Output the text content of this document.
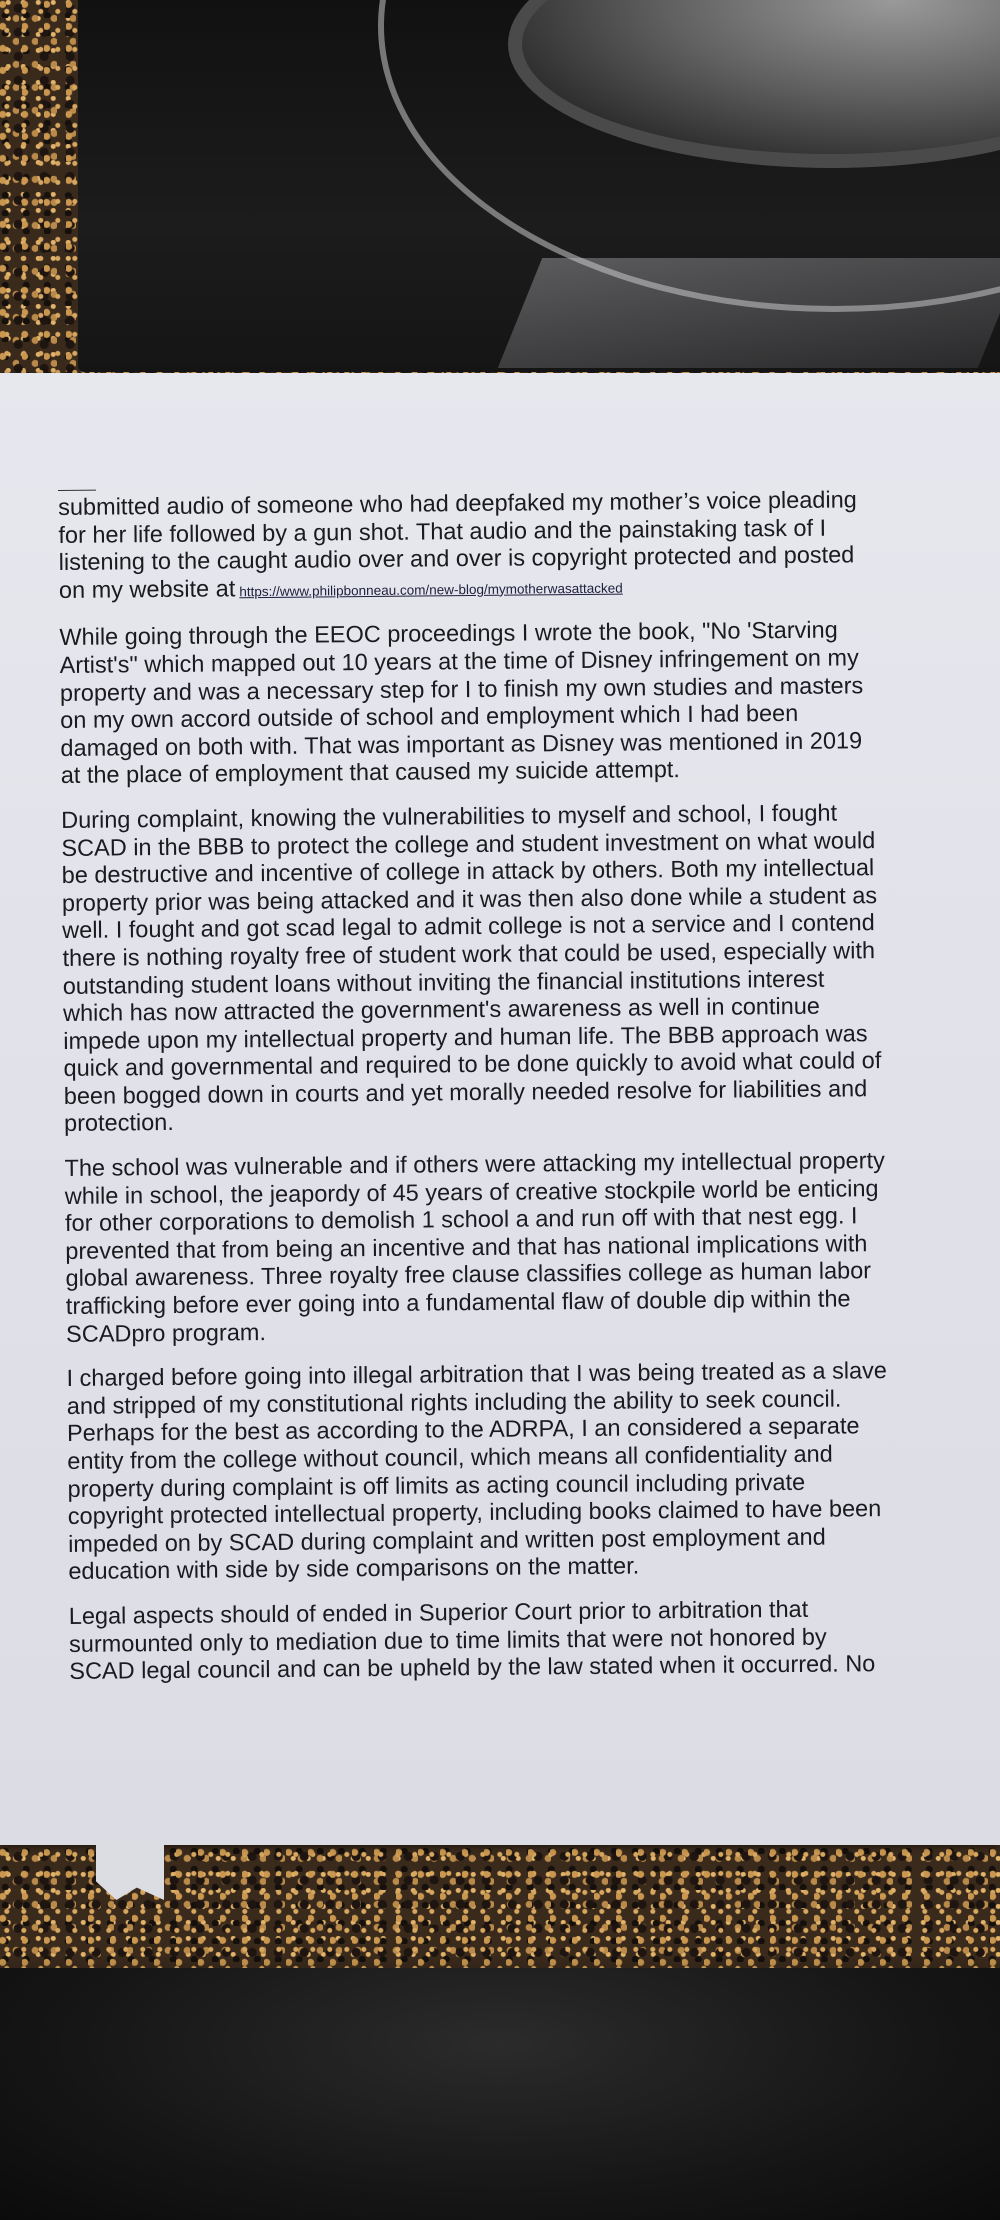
submitted audio of someone who had deepfaked my mother’s voice pleading
for her life followed by a gun shot. That audio and the painstaking task of I
listening to the caught audio over and over is copyright protected and posted
on my website at https://www.philipbonneau.com/new-blog/mymotherwasattacked

While going through the EEOC proceedings I wrote the book, "No 'Starving
Artist's" which mapped out 10 years at the time of Disney infringement on my
property and was a necessary step for I to finish my own studies and masters
on my own accord outside of school and employment which I had been
damaged on both with. That was important as Disney was mentioned in 2019
at the place of employment that caused my suicide attempt.

During complaint, knowing the vulnerabilities to myself and school, I fought
SCAD in the BBB to protect the college and student investment on what would
be destructive and incentive of college in attack by others. Both my intellectual
property prior was being attacked and it was then also done while a student as
well. I fought and got scad legal to admit college is not a service and I contend
there is nothing royalty free of student work that could be used, especially with
outstanding student loans without inviting the financial institutions interest
which has now attracted the government's awareness as well in continue
impede upon my intellectual property and human life. The BBB approach was
quick and governmental and required to be done quickly to avoid what could of
been bogged down in courts and yet morally needed resolve for liabilities and
protection.

The school was vulnerable and if others were attacking my intellectual property
while in school, the jeapordy of 45 years of creative stockpile world be enticing
for other corporations to demolish 1 school a and run off with that nest egg. I
prevented that from being an incentive and that has national implications with
global awareness. Three royalty free clause classifies college as human labor
trafficking before ever going into a fundamental flaw of double dip within the
SCADpro program.

I charged before going into illegal arbitration that I was being treated as a slave
and stripped of my constitutional rights including the ability to seek council.
Perhaps for the best as according to the ADRPA, I an considered a separate
entity from the college without council, which means all confidentiality and
property during complaint is off limits as acting council including private
copyright protected intellectual property, including books claimed to have been
impeded on by SCAD during complaint and written post employment and
education with side by side comparisons on the matter.

Legal aspects should of ended in Superior Court prior to arbitration that
surmounted only to mediation due to time limits that were not honored by
SCAD legal council and can be upheld by the law stated when it occurred. No
